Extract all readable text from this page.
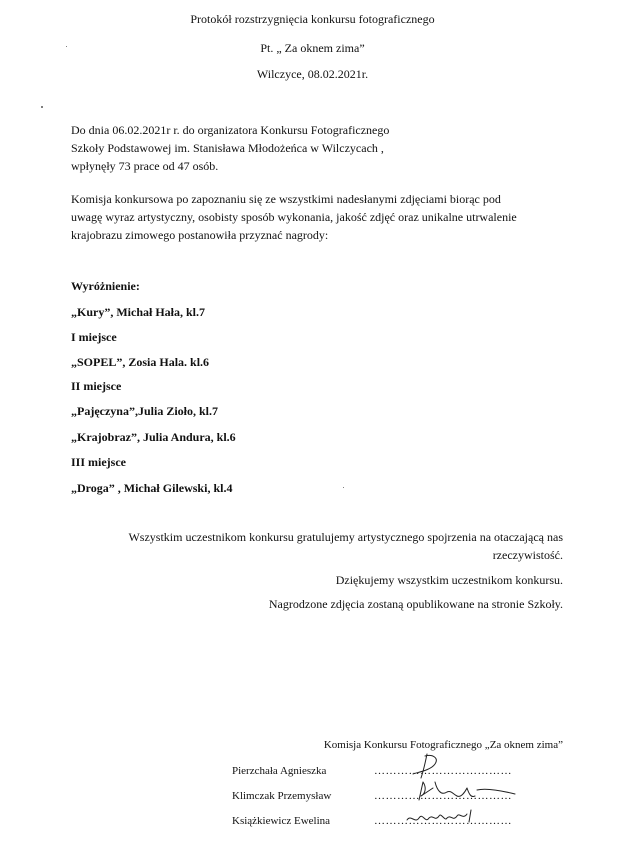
Protokół rozstrzygnięcia konkursu fotograficznego
Pt. „ Za oknem zima”
Wilczyce, 08.02.2021r.
Do dnia 06.02.2021r r. do organizatora Konkursu Fotograficznego
Szkoły Podstawowej im. Stanisława Młodożeńca w Wilczycach ,
wpłynęły 73 prace od 47 osób.
Komisja konkursowa po zapoznaniu się ze wszystkimi nadesłanymi zdjęciami biorąc pod
uwagę wyraz artystyczny, osobisty sposób wykonania, jakość zdjęć oraz unikalne utrwalenie
krajobrazu zimowego postanowiła przyznać nagrody:
Wyróżnienie:
„Kury”, Michał Hała, kl.7
I miejsce
„SOPEL”, Zosia Hala. kl.6
II miejsce
„Pajęczyna”,Julia Zioło, kl.7
„Krajobraz”, Julia Andura, kl.6
III miejsce
„Droga” , Michał Gilewski, kl.4
Wszystkim uczestnikom konkursu gratulujemy artystycznego spojrzenia na otaczającą nas
rzeczywistość.
Dziękujemy wszystkim uczestnikom konkursu.
Nagrodzone zdjęcia zostaną opublikowane na stronie Szkoły.
Komisja Konkursu Fotograficznego „Za oknem zima”
Pierzchała Agnieszka	………………………………
Klimczak Przemysław	………………………………
Książkiewicz Ewelina	………………………………
